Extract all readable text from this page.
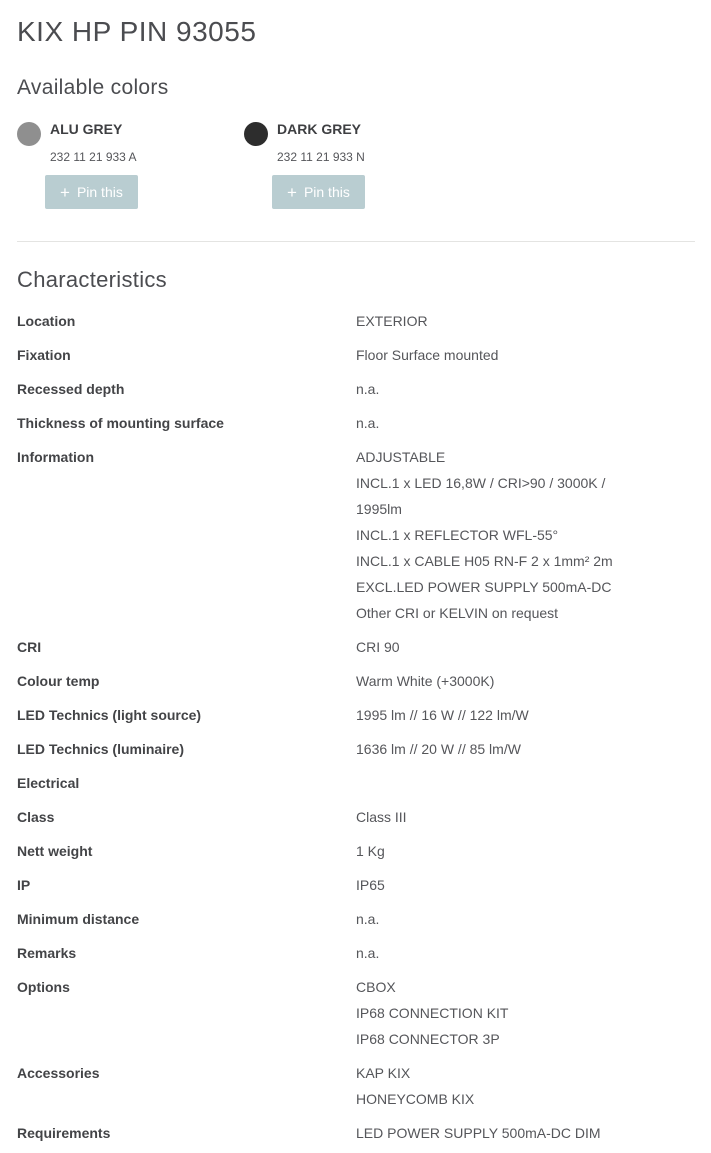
KIX HP PIN 93055
Available colors
ALU GREY
232 11 21 933 A
+ Pin this
DARK GREY
232 11 21 933 N
+ Pin this
Characteristics
Location	EXTERIOR
Fixation	Floor Surface mounted
Recessed depth	n.a.
Thickness of mounting surface	n.a.
Information	ADJUSTABLE
INCL.1 x LED 16,8W / CRI>90 / 3000K /
1995lm
INCL.1 x REFLECTOR WFL-55°
INCL.1 x CABLE H05 RN-F 2 x 1mm² 2m
EXCL.LED POWER SUPPLY 500mA-DC
Other CRI or KELVIN on request
CRI	CRI 90
Colour temp	Warm White (+3000K)
LED Technics (light source)	1995 lm // 16 W // 122 lm/W
LED Technics (luminaire)	1636 lm // 20 W // 85 lm/W
Electrical
Class	Class III
Nett weight	1 Kg
IP	IP65
Minimum distance	n.a.
Remarks	n.a.
Options	CBOX
IP68 CONNECTION KIT
IP68 CONNECTOR 3P
Accessories	KAP KIX
HONEYCOMB KIX
Requirements	LED POWER SUPPLY 500mA-DC DIM
